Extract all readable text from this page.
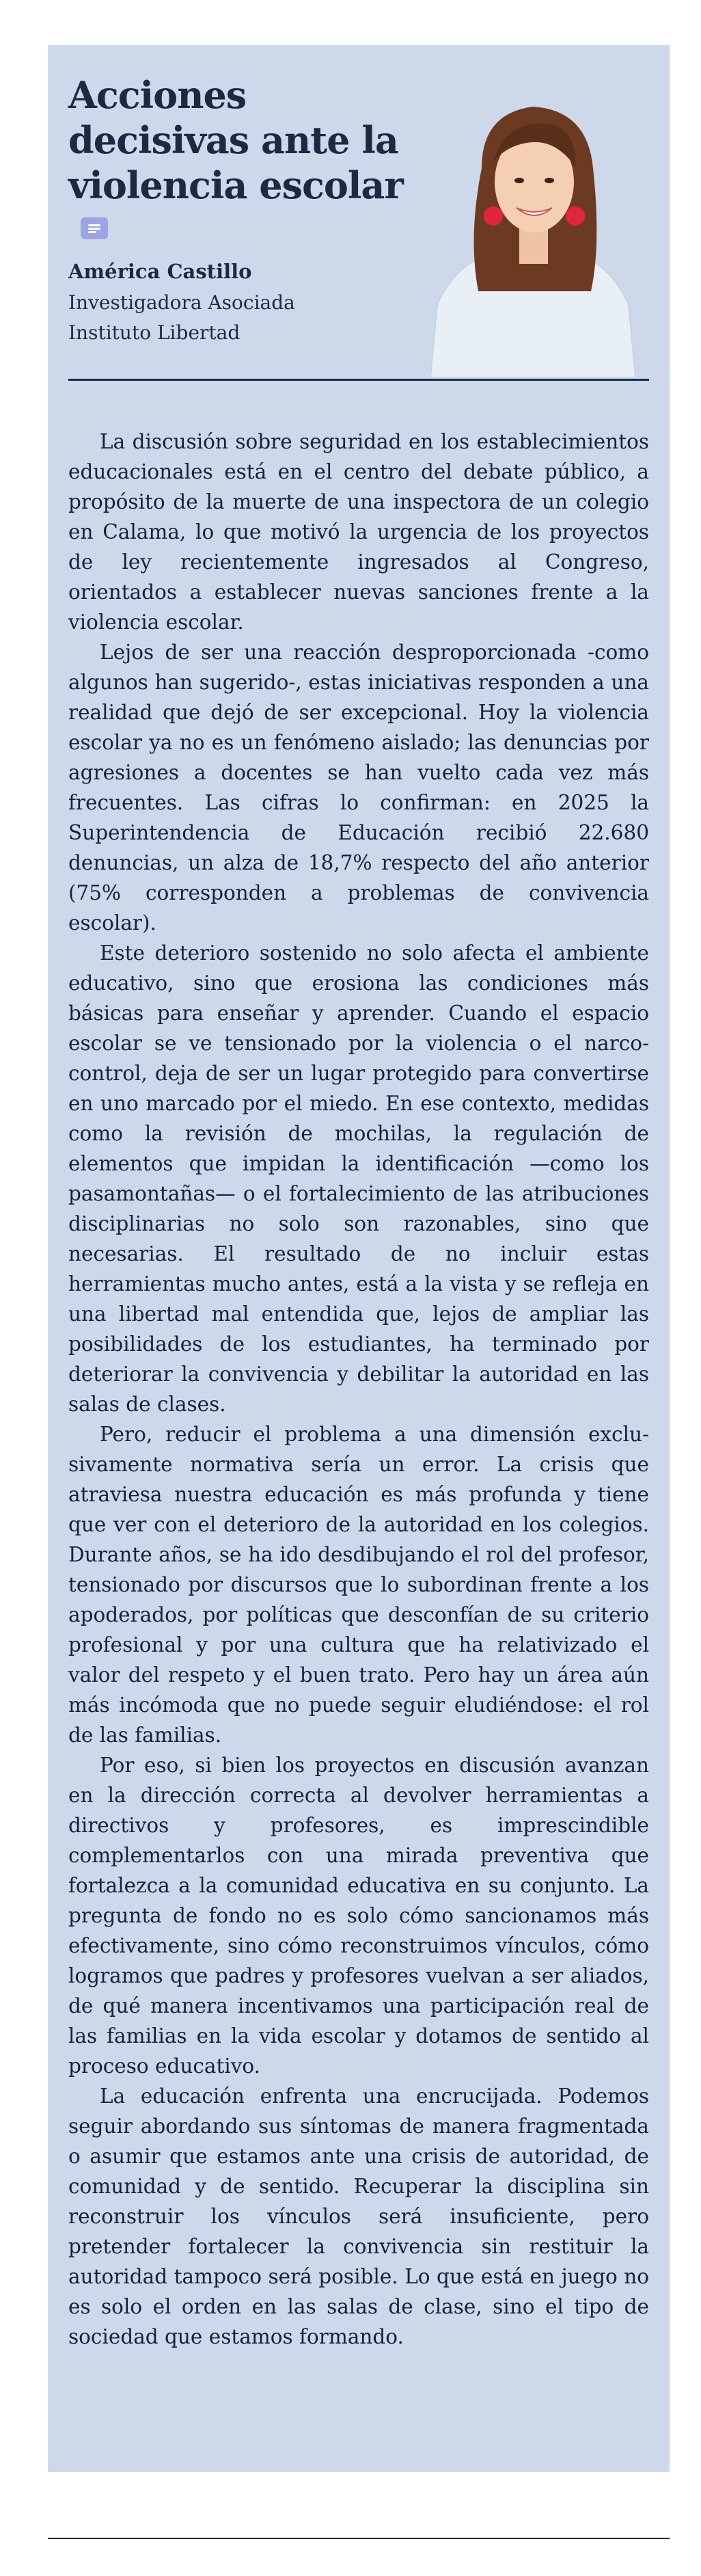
Acciones decisivas ante la violencia escolar
América Castillo
Investigadora Asociada
Instituto Libertad

La discusión sobre seguridad en los establecimientos educacionales está en el centro del debate público, a propósito de la muerte de una inspectora de un colegio en Calama, lo que motivó la urgencia de los proyectos de ley recientemente ingresados al Congreso, orientados a establecer nuevas sanciones frente a la violencia escolar.

Lejos de ser una reacción desproporcionada -como algunos han sugerido-, estas iniciativas responden a una realidad que dejó de ser excepcional. Hoy la violencia escolar ya no es un fenómeno aislado; las denuncias por agresiones a docentes se han vuelto cada vez más frecuentes. Las cifras lo confirman: en 2025 la Superintendencia de Educación recibió 22.680 denuncias, un alza de 18,7% respecto del año anterior (75% corresponden a problemas de convivencia escolar).

Este deterioro sostenido no solo afecta el ambiente educativo, sino que erosiona las condiciones más básicas para enseñar y aprender. Cuando el espacio escolar se ve tensionado por la violencia o el narco-control, deja de ser un lugar protegido para convertirse en uno marcado por el miedo. En ese contexto, medidas como la revisión de mochilas, la regulación de elementos que impidan la identificación —como los pasamontañas— o el fortalecimiento de las atribuciones disciplinarias no solo son razonables, sino que necesarias. El resultado de no incluir estas herramientas mucho antes, está a la vista y se refleja en una libertad mal entendida que, lejos de ampliar las posibilidades de los estudiantes, ha terminado por deteriorar la convivencia y debilitar la autoridad en las salas de clases.

Pero, reducir el problema a una dimensión exclusivamente normativa sería un error. La crisis que atraviesa nuestra educación es más profunda y tiene que ver con el deterioro de la autoridad en los colegios. Durante años, se ha ido desdibujando el rol del profesor, tensionado por discursos que lo subordinan frente a los apoderados, por políticas que desconfían de su criterio profesional y por una cultura que ha relativizado el valor del respeto y el buen trato. Pero hay un área aún más incómoda que no puede seguir eludiéndose: el rol de las familias.

Por eso, si bien los proyectos en discusión avanzan en la dirección correcta al devolver herramientas a directivos y profesores, es imprescindible complementarlos con una mirada preventiva que fortalezca a la comunidad educativa en su conjunto. La pregunta de fondo no es solo cómo sancionamos más efectivamente, sino cómo reconstruimos vínculos, cómo logramos que padres y profesores vuelvan a ser aliados, de qué manera incentivamos una participación real de las familias en la vida escolar y dotamos de sentido al proceso educativo.

La educación enfrenta una encrucijada. Podemos seguir abordando sus síntomas de manera fragmentada o asumir que estamos ante una crisis de autoridad, de comunidad y de sentido. Recuperar la disciplina sin reconstruir los vínculos será insuficiente, pero pretender fortalecer la convivencia sin restituir la autoridad tampoco será posible. Lo que está en juego no es solo el orden en las salas de clase, sino el tipo de sociedad que estamos formando.
